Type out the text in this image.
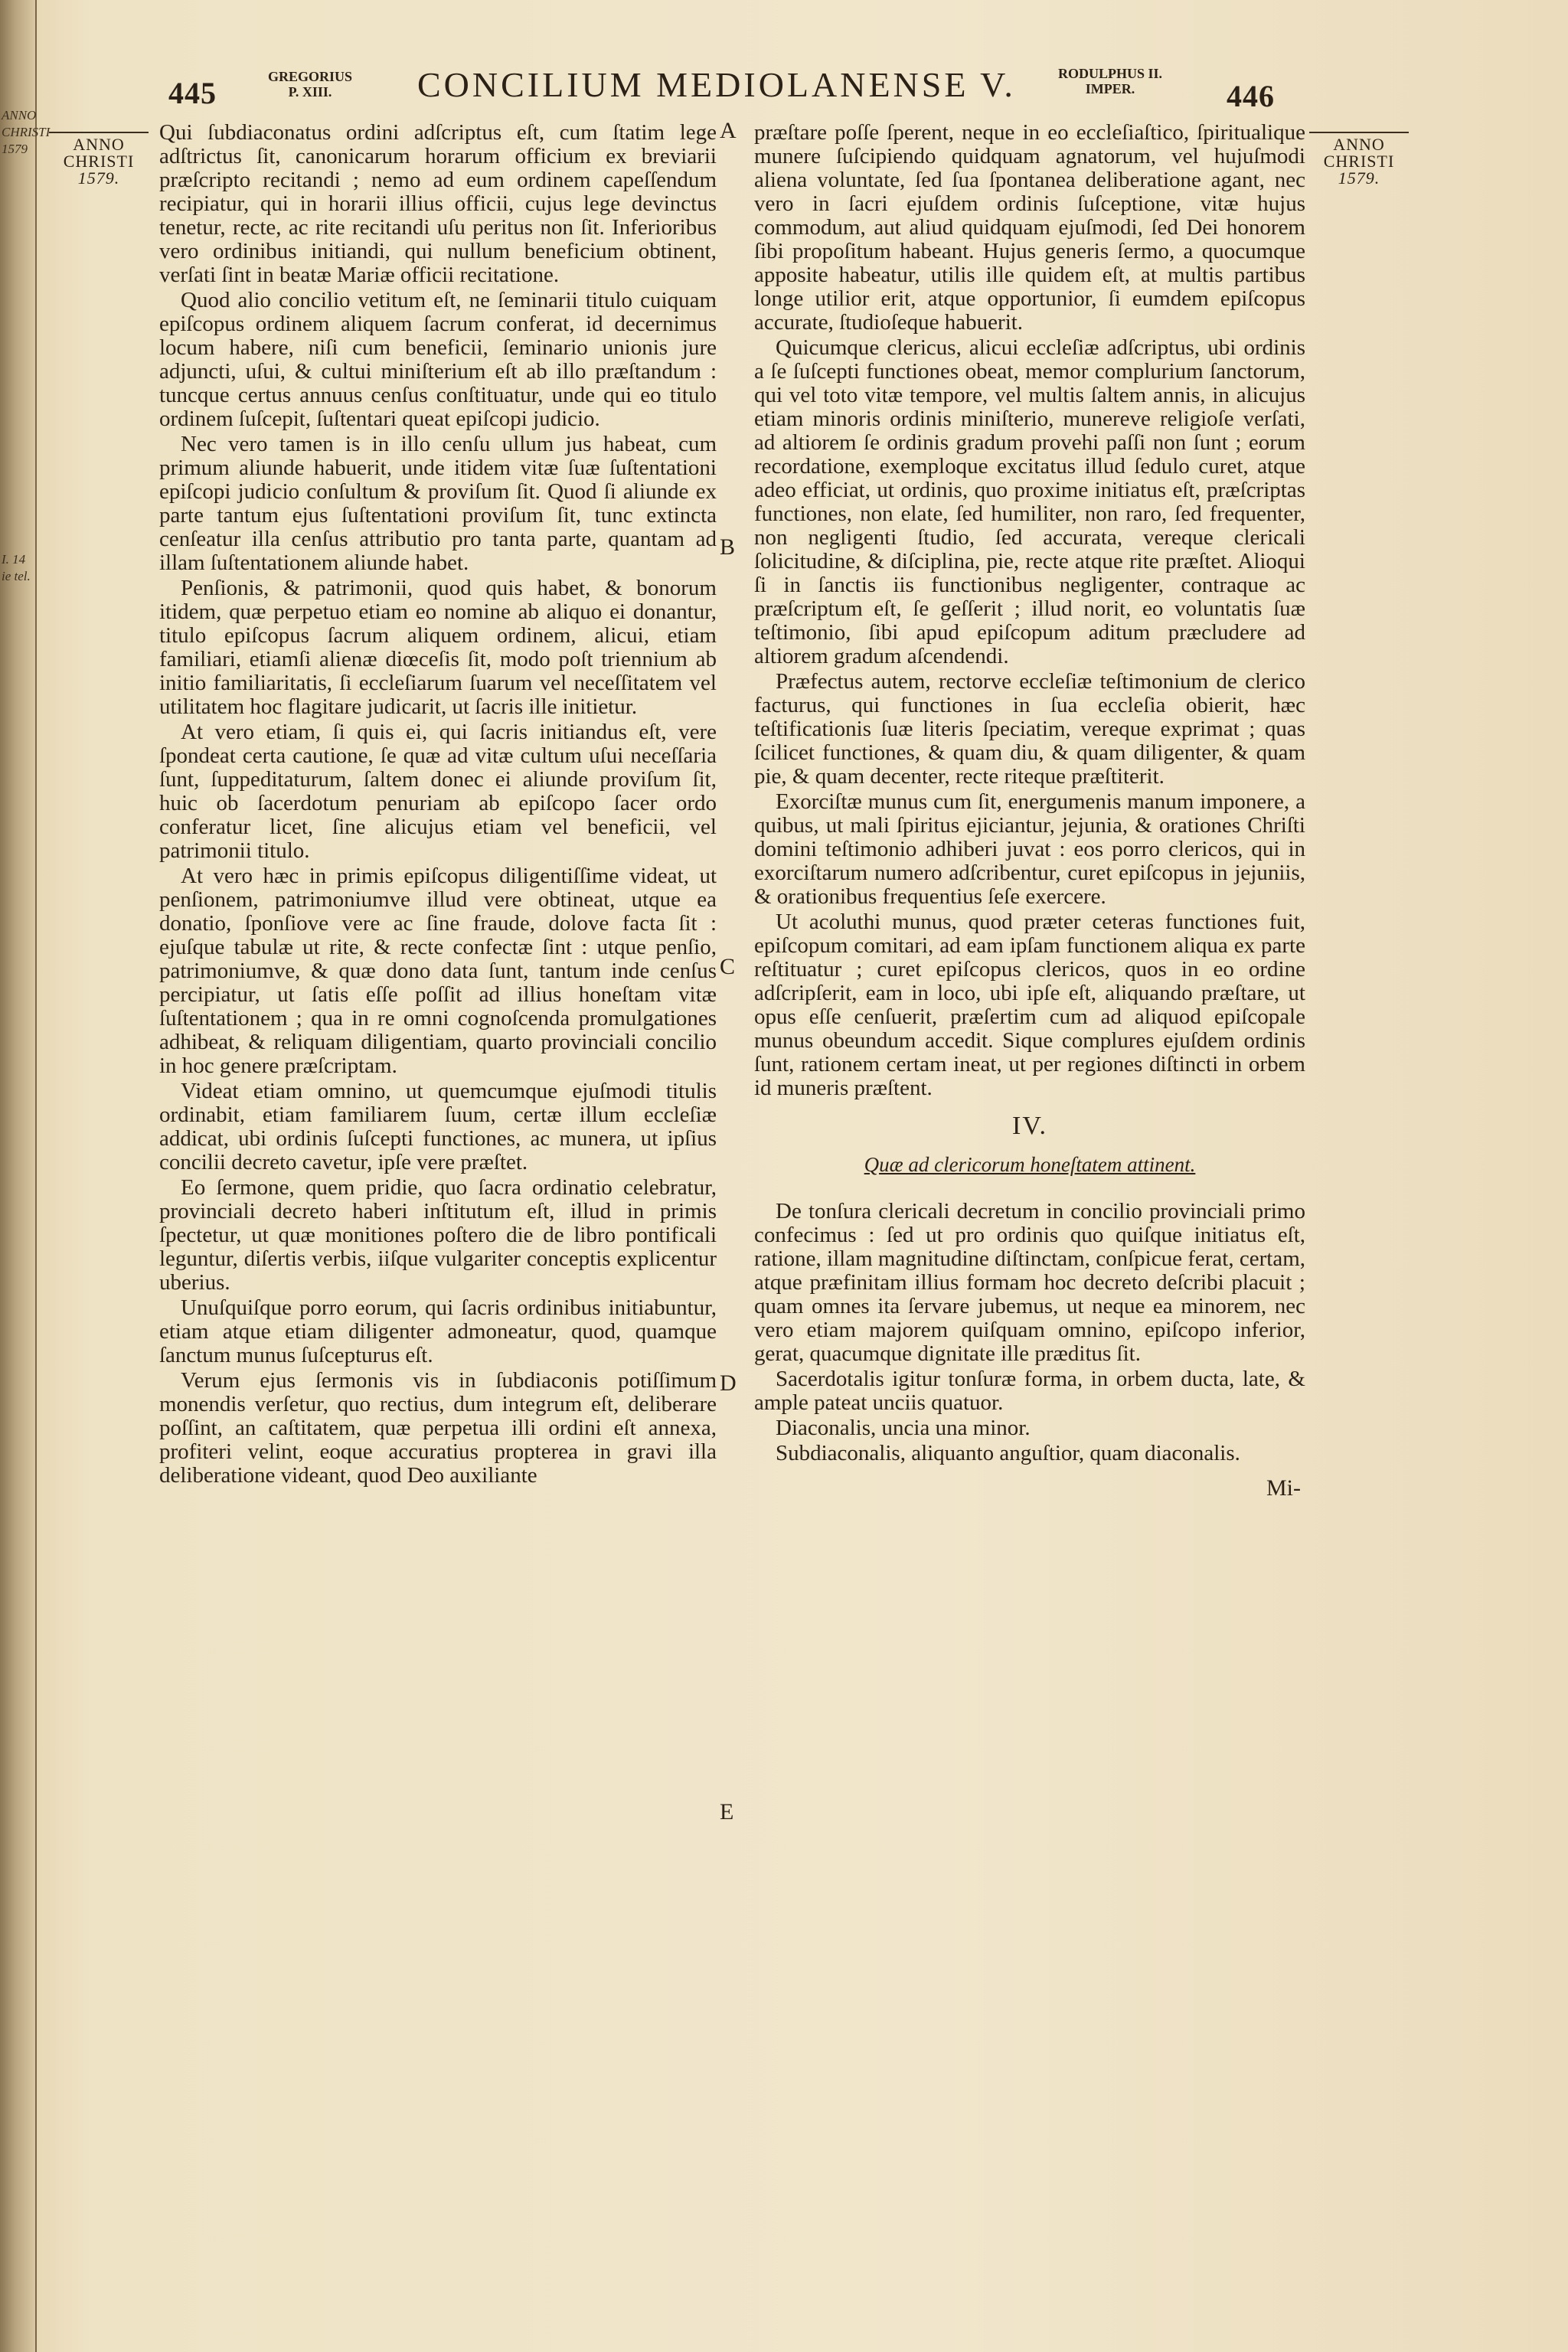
ANNO
CHRISTI
1579
I. 14
ie tel.
445	GREGORIUS
P. XIII.	CONCILIUM MEDIOLANENSE V.	RODULPHUS II.
IMPER.	446
ANNO
CHRISTI
1579.
ANNO
CHRISTI
1579.
A
B
C
D
E

Qui ſubdiaconatus ordini adſcriptus eſt, cum ſtatim lege adſtrictus ſit, canonicarum horarum officium ex breviarii præſcripto recitandi ; nemo ad eum ordinem capeſſendum recipiatur, qui in horarii illius officii, cujus lege devinctus tenetur, recte, ac rite recitandi uſu peritus non ſit. Inferioribus vero ordinibus initiandi, qui nullum beneficium obtinent, verſati ſint in beatæ Mariæ officii recitatione.

Quod alio concilio vetitum eſt, ne ſeminarii titulo cuiquam epiſcopus ordinem aliquem ſacrum conferat, id decernimus locum habere, niſi cum beneficii, ſeminario unionis jure adjuncti, uſui, & cultui miniſterium eſt ab illo præſtandum : tuncque certus annuus cenſus conſtituatur, unde qui eo titulo ordinem ſuſcepit, ſuſtentari queat epiſcopi judicio.

Nec vero tamen is in illo cenſu ullum jus habeat, cum primum aliunde habuerit, unde itidem vitæ ſuæ ſuſtentationi epiſcopi judicio conſultum & proviſum ſit. Quod ſi aliunde ex parte tantum ejus ſuſtentationi proviſum ſit, tunc extincta cenſeatur illa cenſus attributio pro tanta parte, quantam ad illam ſuſtentationem aliunde habet.

Penſionis, & patrimonii, quod quis habet, & bonorum itidem, quæ perpetuo etiam eo nomine ab aliquo ei donantur, titulo epiſcopus ſacrum aliquem ordinem, alicui, etiam familiari, etiamſi alienæ diœceſis ſit, modo poſt triennium ab initio familiaritatis, ſi eccleſiarum ſuarum vel neceſſitatem vel utilitatem hoc flagitare judicarit, ut ſacris ille initietur.

At vero etiam, ſi quis ei, qui ſacris initiandus eſt, vere ſpondeat certa cautione, ſe quæ ad vitæ cultum uſui neceſſaria ſunt, ſuppeditaturum, ſaltem donec ei aliunde proviſum ſit, huic ob ſacerdotum penuriam ab epiſcopo ſacer ordo conferatur licet, ſine alicujus etiam vel beneficii, vel patrimonii titulo.

At vero hæc in primis epiſcopus diligentiſſime videat, ut penſionem, patrimoniumve illud vere obtineat, utque ea donatio, ſponſiove vere ac ſine fraude, dolove facta ſit : ejuſque tabulæ ut rite, & recte confectæ ſint : utque penſio, patrimoniumve, & quæ dono data ſunt, tantum inde cenſus percipiatur, ut ſatis eſſe poſſit ad illius honeſtam vitæ ſuſtentationem ; qua in re omni cognoſcenda promulgationes adhibeat, & reliquam diligentiam, quarto provinciali concilio in hoc genere præſcriptam.

Videat etiam omnino, ut quemcumque ejuſmodi titulis ordinabit, etiam familiarem ſuum, certæ illum eccleſiæ addicat, ubi ordinis ſuſcepti functiones, ac munera, ut ipſius concilii decreto cavetur, ipſe vere præſtet.

Eo ſermone, quem pridie, quo ſacra ordinatio celebratur, provinciali decreto haberi inſtitutum eſt, illud in primis ſpectetur, ut quæ monitiones poſtero die de libro pontificali leguntur, diſertis verbis, iiſque vulgariter conceptis explicentur uberius.

Unuſquiſque porro eorum, qui ſacris ordinibus initiabuntur, etiam atque etiam diligenter admoneatur, quod, quamque ſanctum munus ſuſcepturus eſt.

Verum ejus ſermonis vis in ſubdiaconis potiſſimum monendis verſetur, quo rectius, dum integrum eſt, deliberare poſſint, an caſtitatem, quæ perpetua illi ordini eſt annexa, profiteri velint, eoque accuratius propterea in gravi illa deliberatione videant, quod Deo auxiliante

præſtare poſſe ſperent, neque in eo eccleſiaſtico, ſpiritualique munere ſuſcipiendo quidquam agnatorum, vel hujuſmodi aliena voluntate, ſed ſua ſpontanea deliberatione agant, nec vero in ſacri ejuſdem ordinis ſuſceptione, vitæ hujus commodum, aut aliud quidquam ejuſmodi, ſed Dei honorem ſibi propoſitum habeant. Hujus generis ſermo, a quocumque apposite habeatur, utilis ille quidem eſt, at multis partibus longe utilior erit, atque opportunior, ſi eumdem epiſcopus accurate, ſtudioſeque habuerit.

Quicumque clericus, alicui eccleſiæ adſcriptus, ubi ordinis a ſe ſuſcepti functiones obeat, memor complurium ſanctorum, qui vel toto vitæ tempore, vel multis ſaltem annis, in alicujus etiam minoris ordinis miniſterio, munereve religioſe verſati, ad altiorem ſe ordinis gradum provehi paſſi non ſunt ; eorum recordatione, exemploque excitatus illud ſedulo curet, atque adeo efficiat, ut ordinis, quo proxime initiatus eſt, præſcriptas functiones, non elate, ſed humiliter, non raro, ſed frequenter, non negligenti ſtudio, ſed accurata, vereque clericali ſolicitudine, & diſciplina, pie, recte atque rite præſtet. Alioqui ſi in ſanctis iis functionibus negligenter, contraque ac præſcriptum eſt, ſe geſſerit ; illud norit, eo voluntatis ſuæ teſtimonio, ſibi apud epiſcopum aditum præcludere ad altiorem gradum aſcendendi.

Præfectus autem, rectorve eccleſiæ teſtimonium de clerico facturus, qui functiones in ſua eccleſia obierit, hæc teſtificationis ſuæ literis ſpeciatim, vereque exprimat ; quas ſcilicet functiones, & quam diu, & quam diligenter, & quam pie, & quam decenter, recte riteque præſtiterit.

Exorciſtæ munus cum ſit, energumenis manum imponere, a quibus, ut mali ſpiritus ejiciantur, jejunia, & orationes Chriſti domini teſtimonio adhiberi juvat : eos porro clericos, qui in exorciſtarum numero adſcribentur, curet epiſcopus in jejuniis, & orationibus frequentius ſeſe exercere.

Ut acoluthi munus, quod præter ceteras functiones fuit, epiſcopum comitari, ad eam ipſam functionem aliqua ex parte reſtituatur ; curet epiſcopus clericos, quos in eo ordine adſcripſerit, eam in loco, ubi ipſe eſt, aliquando præſtare, ut opus eſſe cenſuerit, præſertim cum ad aliquod epiſcopale munus obeundum accedit. Sique complures ejuſdem ordinis ſunt, rationem certam ineat, ut per regiones diſtincti in orbem id muneris præſtent.

IV.
Quæ ad clericorum honeſtatem attinent.

De tonſura clericali decretum in concilio provinciali primo confecimus : ſed ut pro ordinis quo quiſque initiatus eſt, ratione, illam magnitudine diſtinctam, conſpicue ferat, certam, atque præfinitam illius formam hoc decreto deſcribi placuit ; quam omnes ita ſervare jubemus, ut neque ea minorem, nec vero etiam majorem quiſquam omnino, epiſcopo inferior, gerat, quacumque dignitate ille præditus ſit.

Sacerdotalis igitur tonſuræ forma, in orbem ducta, late, & ample pateat unciis quatuor.

Diaconalis, uncia una minor.

Subdiaconalis, aliquanto anguſtior, quam diaconalis.

Mi-
